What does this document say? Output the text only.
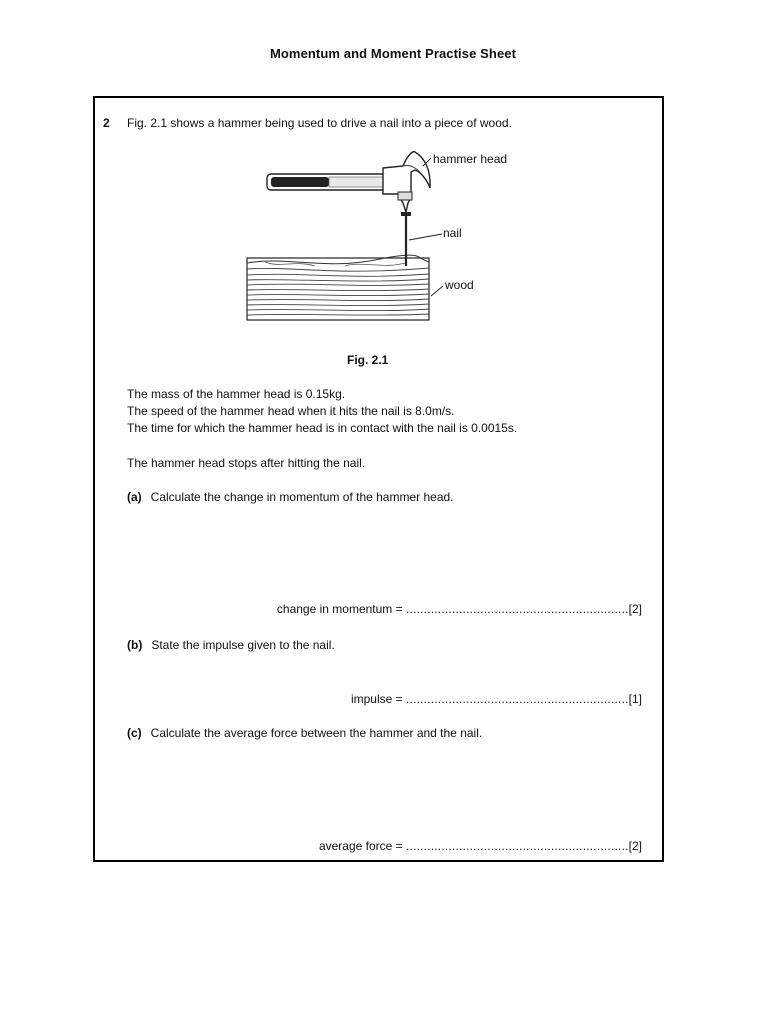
Momentum and Moment Practise Sheet
2 Fig. 2.1 shows a hammer being used to drive a nail into a piece of wood.
hammer head
nail
wood
Fig. 2.1
The mass of the hammer head is 0.15kg.
The speed of the hammer head when it hits the nail is 8.0m/s.
The time for which the hammer head is in contact with the nail is 0.0015s.
The hammer head stops after hitting the nail.
(a) Calculate the change in momentum of the hammer head.
change in momentum = ...............................................................[2]
(b) State the impulse given to the nail.
impulse = ...............................................................[1]
(c) Calculate the average force between the hammer and the nail.
average force = ...............................................................[2]
